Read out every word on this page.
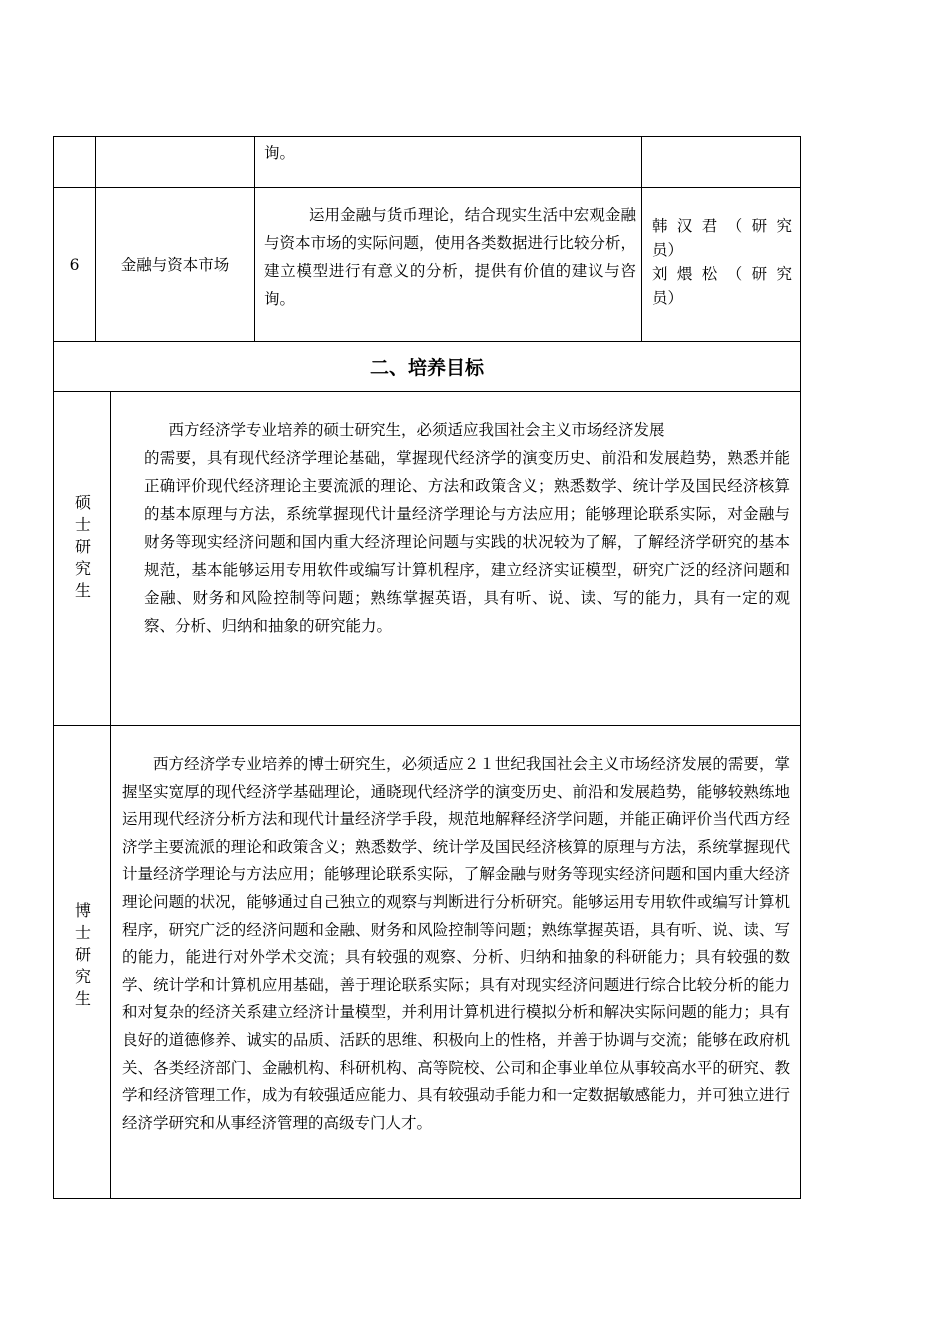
询。
6	金融与资本市场
运用金融与货币理论，结合现实生活中宏观金融与资本市场的实际问题，使用各类数据进行比较分析，建立模型进行有意义的分析，提供有价值的建议与咨询。
韩汉君（研究
员）
刘煨松（研究
员）
二、培养目标
硕士研究生
西方经济学专业培养的硕士研究生，必须适应我国社会主义市场经济发展
的需要，具有现代经济学理论基础，掌握现代经济学的演变历史、前沿和发展趋势，熟悉并能正确评价现代经济理论主要流派的理论、方法和政策含义；熟悉数学、统计学及国民经济核算的基本原理与方法，系统掌握现代计量经济学理论与方法应用；能够理论联系实际，对金融与财务等现实经济问题和国内重大经济理论问题与实践的状况较为了解，了解经济学研究的基本规范，基本能够运用专用软件或编写计算机程序，建立经济实证模型，研究广泛的经济问题和金融、财务和风险控制等问题；熟练掌握英语，具有听、说、读、写的能力，具有一定的观察、分析、归纳和抽象的研究能力。
博士研究生
西方经济学专业培养的博士研究生，必须适应２１世纪我国社会主义市场经济发展的需要，掌握坚实宽厚的现代经济学基础理论，通晓现代经济学的演变历史、前沿和发展趋势，能够较熟练地运用现代经济分析方法和现代计量经济学手段，规范地解释经济学问题，并能正确评价当代西方经济学主要流派的理论和政策含义；熟悉数学、统计学及国民经济核算的原理与方法，系统掌握现代计量经济学理论与方法应用；能够理论联系实际，了解金融与财务等现实经济问题和国内重大经济理论问题的状况，能够通过自己独立的观察与判断进行分析研究。能够运用专用软件或编写计算机程序，研究广泛的经济问题和金融、财务和风险控制等问题；熟练掌握英语，具有听、说、读、写的能力，能进行对外学术交流；具有较强的观察、分析、归纳和抽象的科研能力；具有较强的数学、统计学和计算机应用基础，善于理论联系实际；具有对现实经济问题进行综合比较分析的能力和对复杂的经济关系建立经济计量模型，并利用计算机进行模拟分析和解决实际问题的能力；具有良好的道德修养、诚实的品质、活跃的思维、积极向上的性格，并善于协调与交流；能够在政府机关、各类经济部门、金融机构、科研机构、高等院校、公司和企事业单位从事较高水平的研究、教学和经济管理工作，成为有较强适应能力、具有较强动手能力和一定数据敏感能力，并可独立进行经济学研究和从事经济管理的高级专门人才。
